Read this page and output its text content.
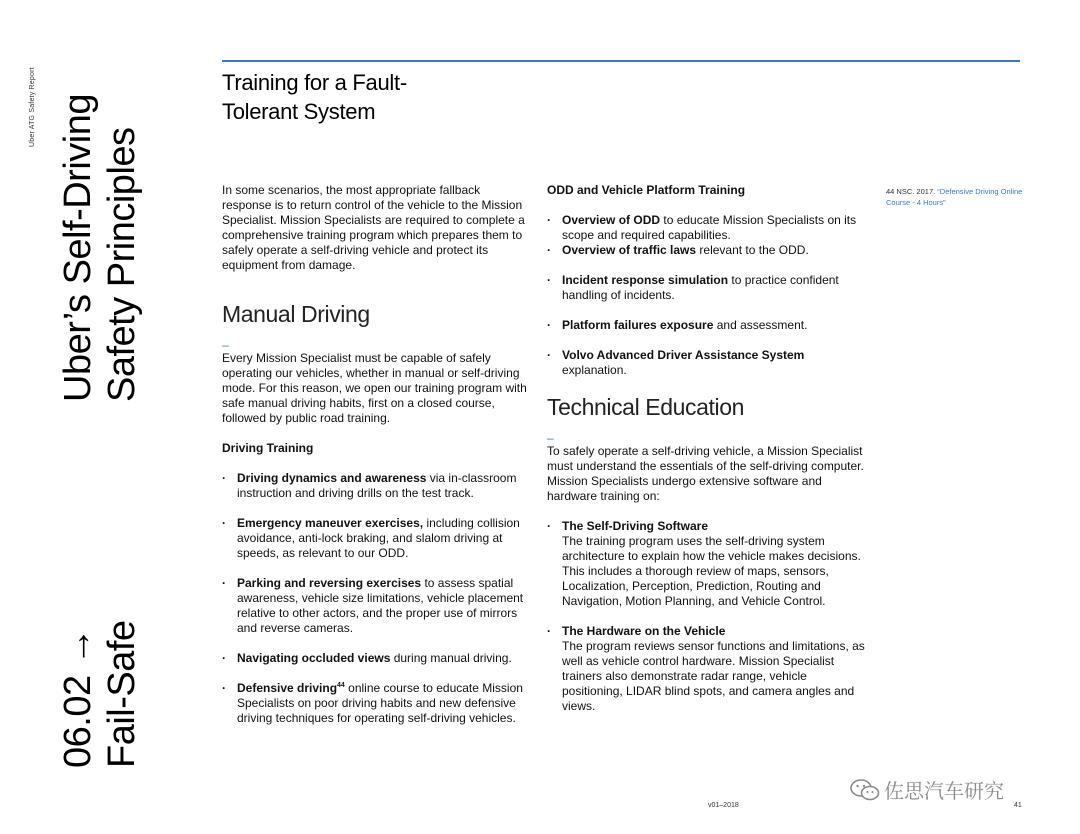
Uber ATG Safety Report Uber’s Self-Driving Safety Principles
06.02 → Fail-Safe
Training for a Fault-
Tolerant System

In some scenarios, the most appropriate fallback response is to return control of the vehicle to the Mission Specialist. Mission Specialists are required to complete a comprehensive training program which prepares them to safely operate a self-driving vehicle and protect its equipment from damage.

Manual Driving
–

Every Mission Specialist must be capable of safely operating our vehicles, whether in manual or self-driving mode. For this reason, we open our training program with safe manual driving habits, first on a closed course, followed by public road training.

Driving Training

· Driving dynamics and awareness via in-classroom instruction and driving drills on the test track.
· Emergency maneuver exercises, including collision avoidance, anti-lock braking, and slalom driving at speeds, as relevant to our ODD.
· Parking and reversing exercises to assess spatial awareness, vehicle size limitations, vehicle placement relative to other actors, and the proper use of mirrors and reverse cameras.
· Navigating occluded views during manual driving.
· Defensive driving$^{44}$ online course to educate Mission Specialists on poor driving habits and new defensive driving techniques for operating self-driving vehicles.

ODD and Vehicle Platform Training

· Overview of ODD to educate Mission Specialists on its scope and required capabilities.
· Overview of traffic laws relevant to the ODD.
· Incident response simulation to practice confident handling of incidents.
· Platform failures exposure and assessment.
· Volvo Advanced Driver Assistance System explanation.
Technical Education
–

To safely operate a self-driving vehicle, a Mission Specialist must understand the essentials of the self-driving computer. Mission Specialists undergo extensive software and hardware training on:

· The Self-Driving Software
The training program uses the self-driving system architecture to explain how the vehicle makes decisions. This includes a thorough review of maps, sensors, Localization, Perception, Prediction, Routing and Navigation, Motion Planning, and Vehicle Control.
· The Hardware on the Vehicle
The program reviews sensor functions and limitations, as well as vehicle control hardware. Mission Specialist trainers also demonstrate radar range, vehicle positioning, LIDAR blind spots, and camera angles and views.
44 NSC. 2017. “Defensive Driving Online Course - 4 Hours”
v01–2018	41
佐思汽车研究
